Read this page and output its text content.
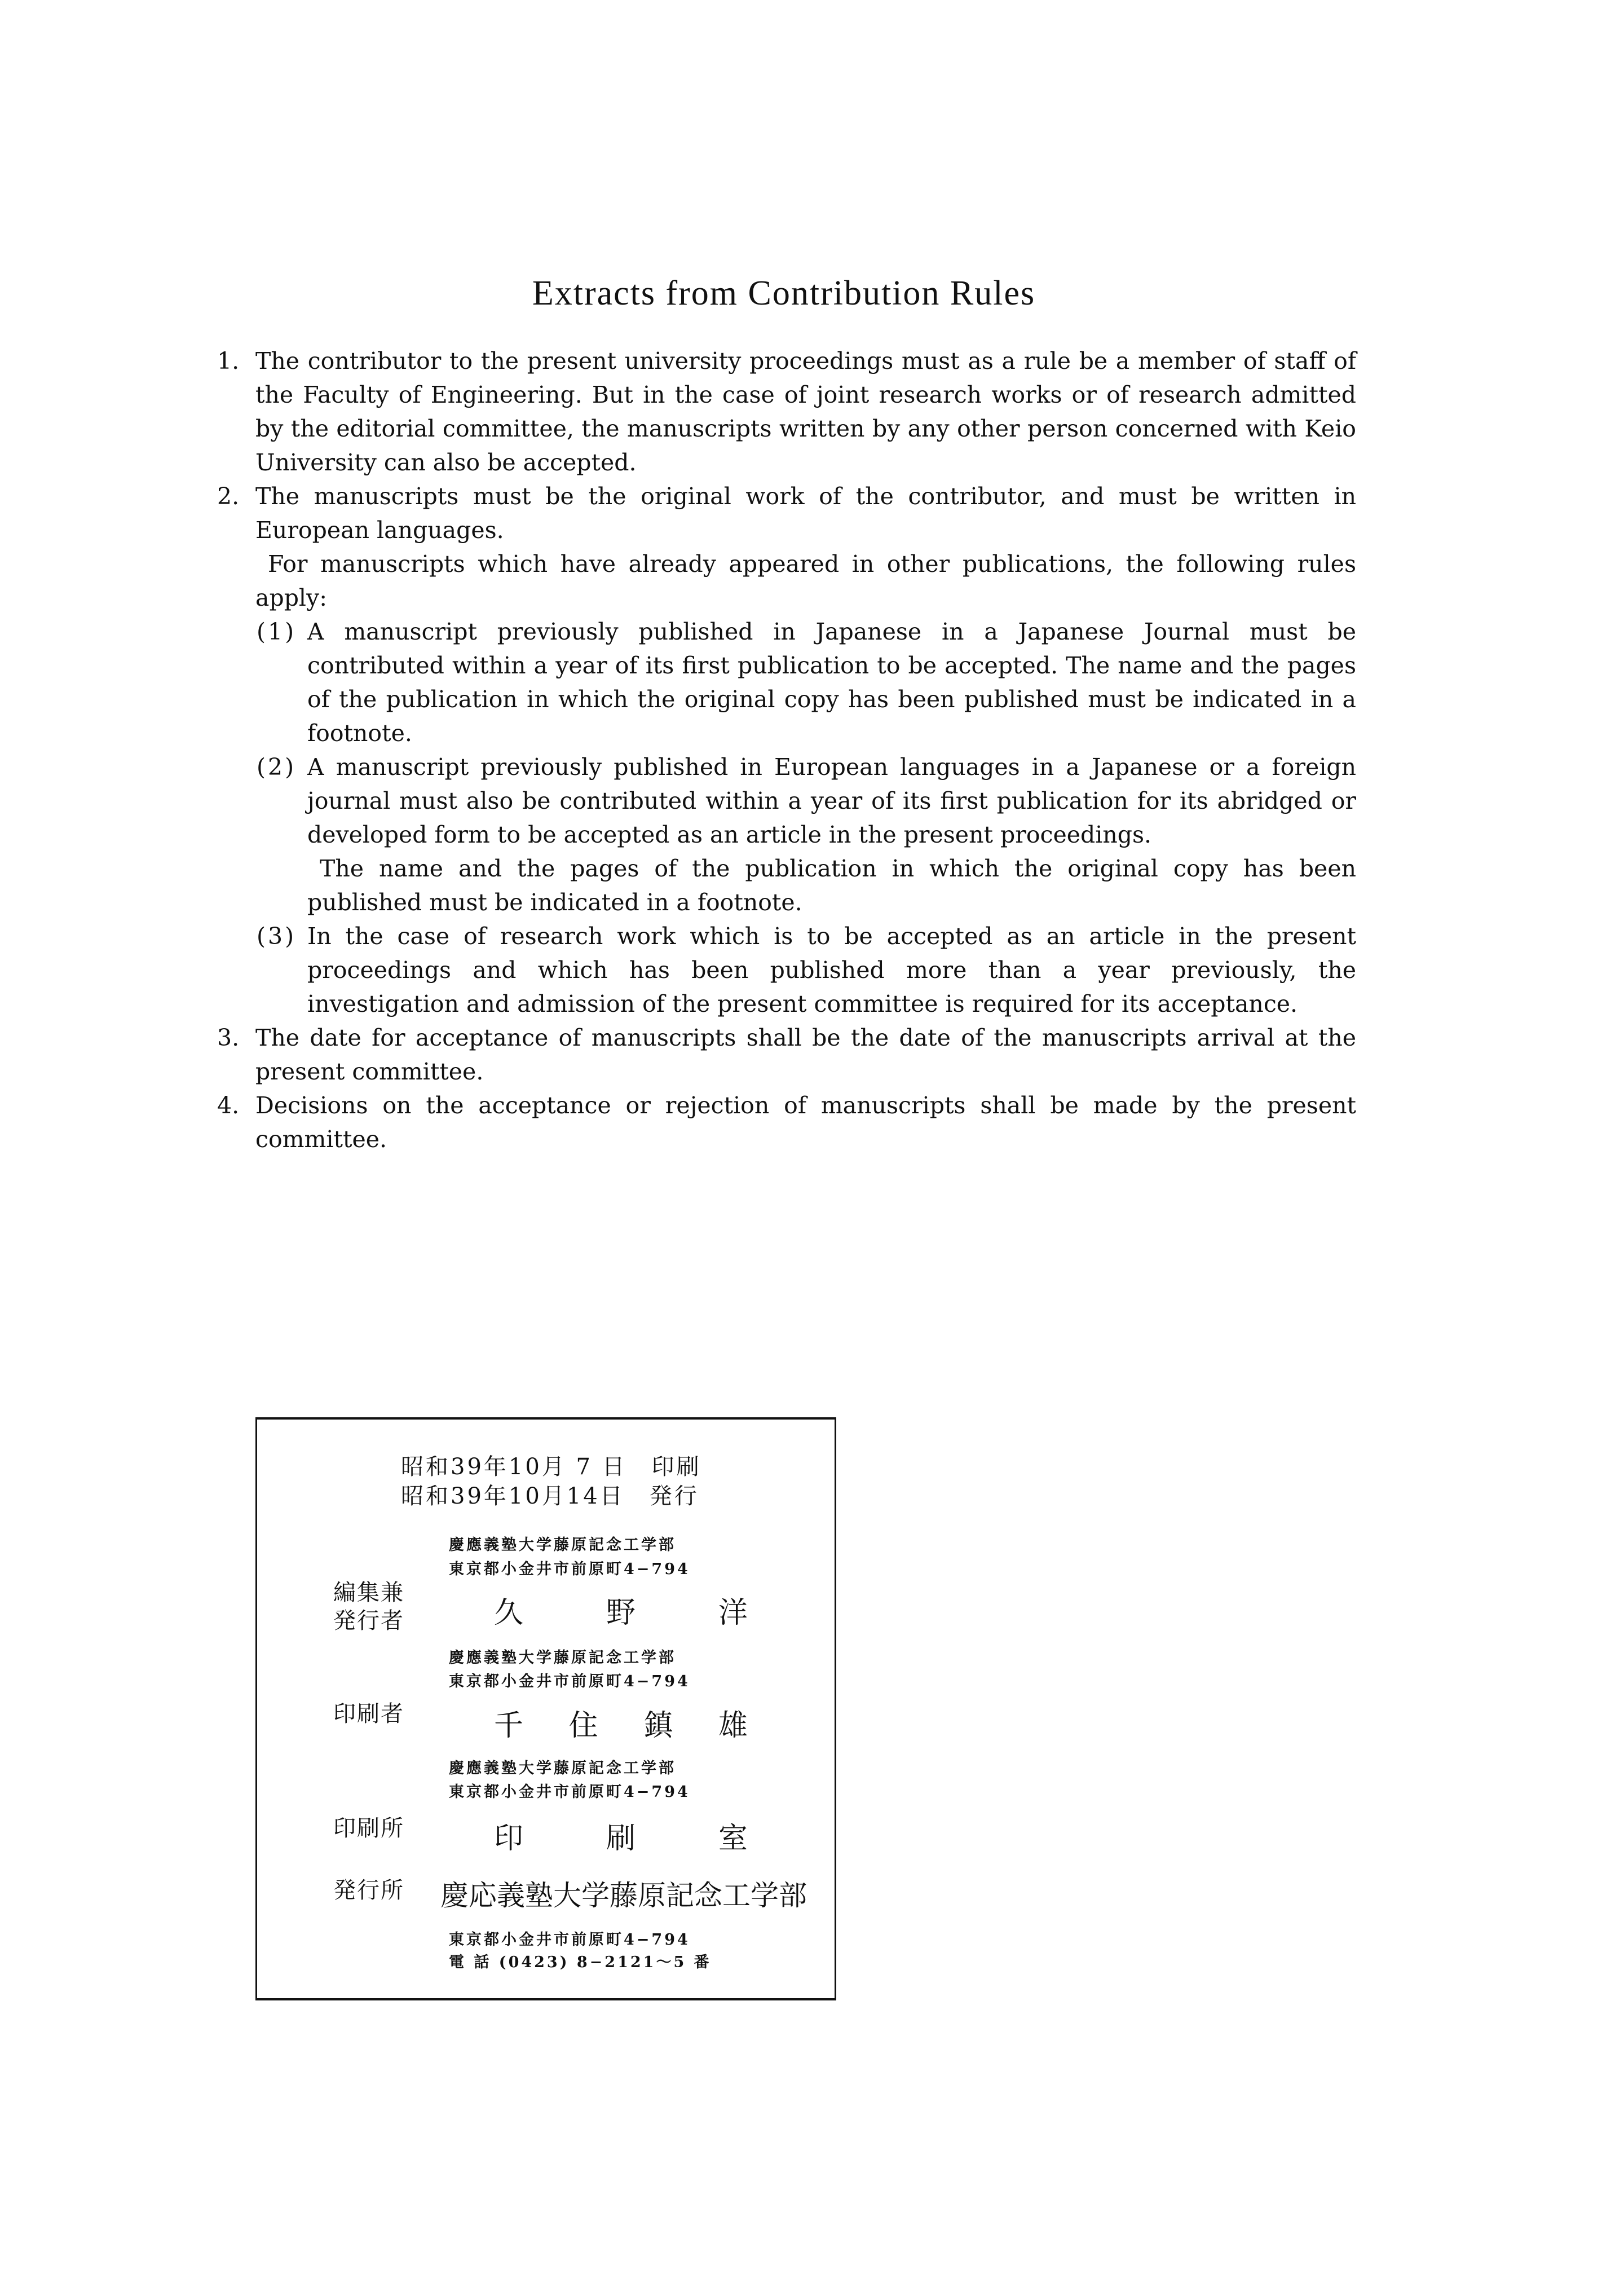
Extracts from Contribution Rules
1. The contributor to the present university proceedings must as a rule be a member of staff of the Faculty of Engineering. But in the case of joint research works or of research admitted by the editorial committee, the manuscripts written by any other person concerned with Keio University can also be accepted.
2. The manuscripts must be the original work of the contributor, and must be written in European languages.
For manuscripts which have already appeared in other publications, the following rules apply:
(1) A manuscript previously published in Japanese in a Japanese Journal must be contributed within a year of its first publication to be accepted. The name and the pages of the publication in which the original copy has been published must be indicated in a footnote.
(2) A manuscript previously published in European languages in a Japanese or a foreign journal must also be contributed within a year of its first publication for its abridged or developed form to be accepted as an article in the present proceedings.
The name and the pages of the publication in which the original copy has been published must be indicated in a footnote.
(3) In the case of research work which is to be accepted as an article in the present proceedings and which has been published more than a year previously, the investigation and admission of the present committee is required for its acceptance.
3. The date for acceptance of manuscripts shall be the date of the manuscripts arrival at the present committee.
4. Decisions on the acceptance or rejection of manuscripts shall be made by the present committee.
昭和39年10月 7 日　印刷
昭和39年10月14日　発行
慶應義塾大学藤原記念工学部
東京都小金井市前原町4−794
編集兼
発行者	久	野	洋
慶應義塾大学藤原記念工学部
東京都小金井市前原町4−794
印刷者	千 住 鎮 雄
慶應義塾大学藤原記念工学部
東京都小金井市前原町4−794
印刷所	印	刷	室
発行所 慶応義塾大学藤原記念工学部
東京都小金井市前原町4−794
電 話 (0423) 8−2121〜5 番
